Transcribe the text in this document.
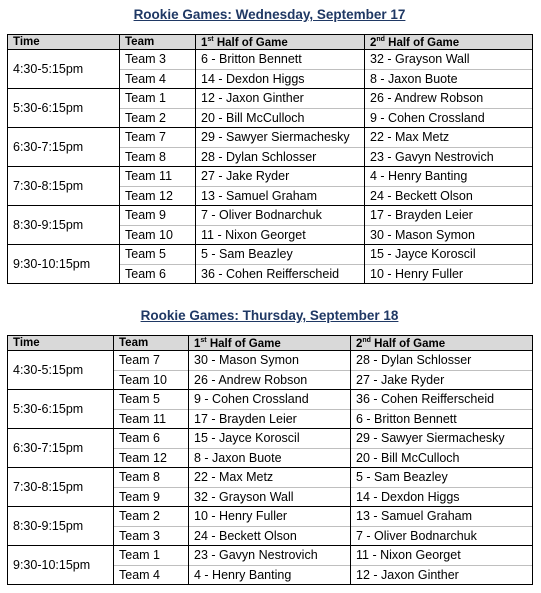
Rookie Games: Wednesday, September 17
Time	Team	1st Half of Game	2nd Half of Game
4:30-5:15pm	Team 3	6 - Britton Bennett	32 - Grayson Wall
	Team 4	14 - Dexdon Higgs	8 - Jaxon Buote
5:30-6:15pm	Team 1	12 - Jaxon Ginther	26 - Andrew Robson
	Team 2	20 - Bill McCulloch	9 - Cohen Crossland
6:30-7:15pm	Team 7	29 - Sawyer Siermachesky	22 - Max Metz
	Team 8	28 - Dylan Schlosser	23 - Gavyn Nestrovich
7:30-8:15pm	Team 11	27 - Jake Ryder	4 - Henry Banting
	Team 12	13 - Samuel Graham	24 - Beckett Olson
8:30-9:15pm	Team 9	7 - Oliver Bodnarchuk	17 - Brayden Leier
	Team 10	11 - Nixon Georget	30 - Mason Symon
9:30-10:15pm	Team 5	5 - Sam Beazley	15 - Jayce Koroscil
	Team 6	36 - Cohen Reifferscheid	10 - Henry Fuller
Rookie Games: Thursday, September 18
Time	Team	1st Half of Game	2nd Half of Game
4:30-5:15pm	Team 7	30 - Mason Symon	28 - Dylan Schlosser
	Team 10	26 - Andrew Robson	27 - Jake Ryder
5:30-6:15pm	Team 5	9 - Cohen Crossland	36 - Cohen Reifferscheid
	Team 11	17 - Brayden Leier	6 - Britton Bennett
6:30-7:15pm	Team 6	15 - Jayce Koroscil	29 - Sawyer Siermachesky
	Team 12	8 - Jaxon Buote	20 - Bill McCulloch
7:30-8:15pm	Team 8	22 - Max Metz	5 - Sam Beazley
	Team 9	32 - Grayson Wall	14 - Dexdon Higgs
8:30-9:15pm	Team 2	10 - Henry Fuller	13 - Samuel Graham
	Team 3	24 - Beckett Olson	7 - Oliver Bodnarchuk
9:30-10:15pm	Team 1	23 - Gavyn Nestrovich	11 - Nixon Georget
	Team 4	4 - Henry Banting	12 - Jaxon Ginther
